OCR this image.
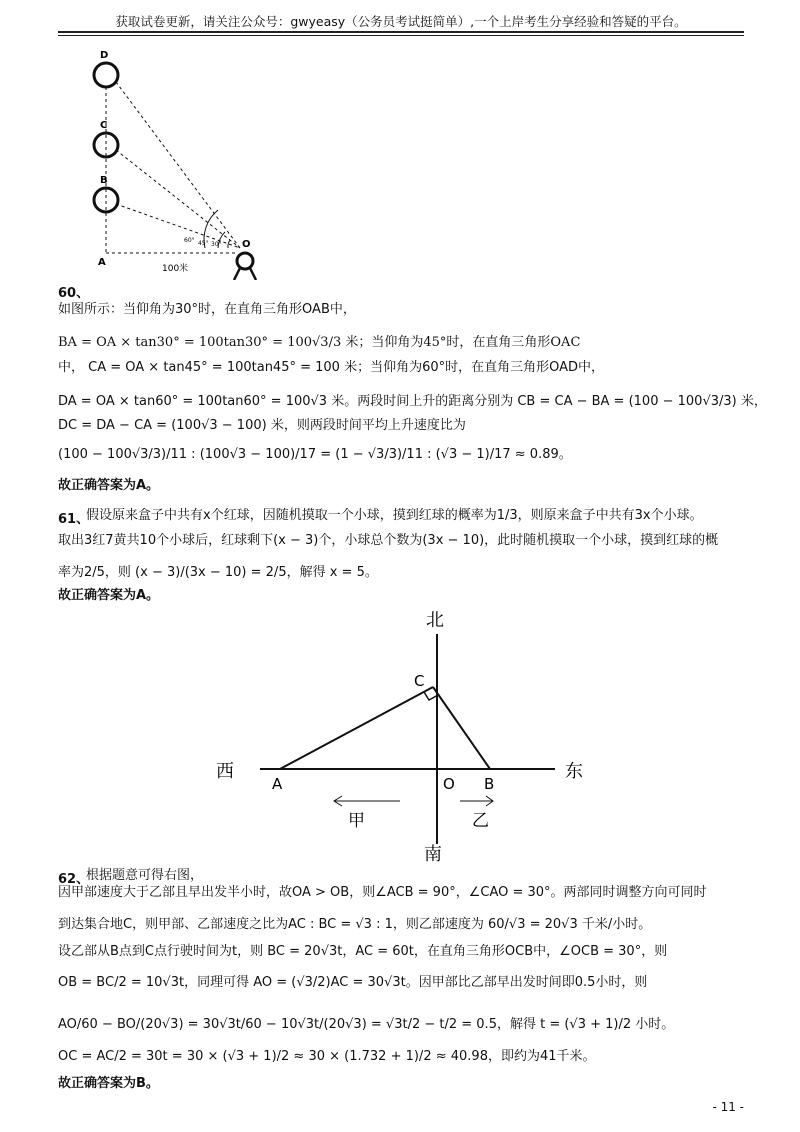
获取试卷更新，请关注公众号：gwyeasy（公务员考试挺简单）,一个上岸考生分享经验和答疑的平台。
D
C
B
A
O
60° 45° 30°
100米
60、
如图所示：当仰角为30°时，在直角三角形OAB中，
BA = OA × tan30° = 100tan30° = 100√3/3 米；当仰角为45°时，在直角三角形OAC
中， CA = OA × tan45° = 100tan45° = 100 米；当仰角为60°时，在直角三角形OAD中，
DA = OA × tan60° = 100tan60° = 100√3 米。两段时间上升的距离分别为 CB = CA − BA = (100 − 100√3/3) 米，
DC = DA − CA = (100√3 − 100) 米，则两段时间平均上升速度比为
(100 − 100√3/3)/11 : (100√3 − 100)/17 = (1 − √3/3)/11 : (√3 − 1)/17 ≈ 0.89。
故正确答案为A。
61、
假设原来盒子中共有x个红球，因随机摸取一个小球，摸到红球的概率为1/3，则原来盒子中共有3x个小球。
取出3红7黄共10个小球后，红球剩下(x − 3)个，小球总个数为(3x − 10)，此时随机摸取一个小球，摸到红球的概
率为2/5，则 (x − 3)/(3x − 10) = 2/5，解得 x = 5。
故正确答案为A。
北
南
西	东
C
A	O B
甲	乙
62、
根据题意可得右图，
因甲部速度大于乙部且早出发半小时，故OA > OB，则∠ACB = 90°，∠CAO = 30°。两部同时调整方向可同时
到达集合地C，则甲部、乙部速度之比为AC : BC = √3 : 1，则乙部速度为 60/√3 = 20√3 千米/小时。
设乙部从B点到C点行驶时间为t，则 BC = 20√3t，AC = 60t，在直角三角形OCB中，∠OCB = 30°，则
OB = BC/2 = 10√3t，同理可得 AO = (√3/2)AC = 30√3t。因甲部比乙部早出发时间即0.5小时，则
AO/60 − BO/(20√3) = 30√3t/60 − 10√3t/(20√3) = √3t/2 − t/2 = 0.5，解得 t = (√3 + 1)/2 小时。
OC = AC/2 = 30t = 30 × (√3 + 1)/2 ≈ 30 × (1.732 + 1)/2 ≈ 40.98，即约为41千米。
故正确答案为B。
- 11 -
